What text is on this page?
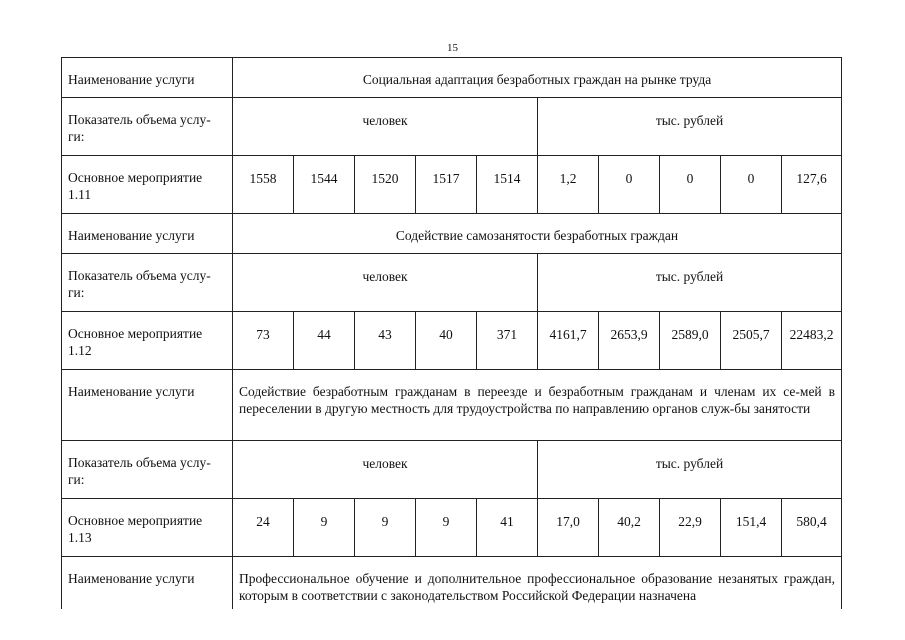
15
Наименование услуги	Социальная адаптация безработных граждан на рынке труда									
Показатель объема услу-ги:	человек					тыс. рублей				
Основное мероприятие 1.11	1558	1544	1520	1517	1514	1,2	0	0	0	127,6
Наименование услуги	Содействие самозанятости безработных граждан									
Показатель объема услу-ги:	человек					тыс. рублей				
Основное мероприятие 1.12	73	44	43	40	371	4161,7	2653,9	2589,0	2505,7	22483,2
Наименование услуги	Содействие безработным гражданам в переезде и безработным гражданам и членам их се-мей в переселении в другую местность для трудоустройства по направлению органов служ-бы занятости									
Показатель объема услу-ги:	человек					тыс. рублей				
Основное мероприятие 1.13	24	9	9	9	41	17,0	40,2	22,9	151,4	580,4
Наименование услуги	Профессиональное обучение и дополнительное профессиональное образование незанятых граждан, которым в соответствии с законодательством Российской Федерации назначена									
